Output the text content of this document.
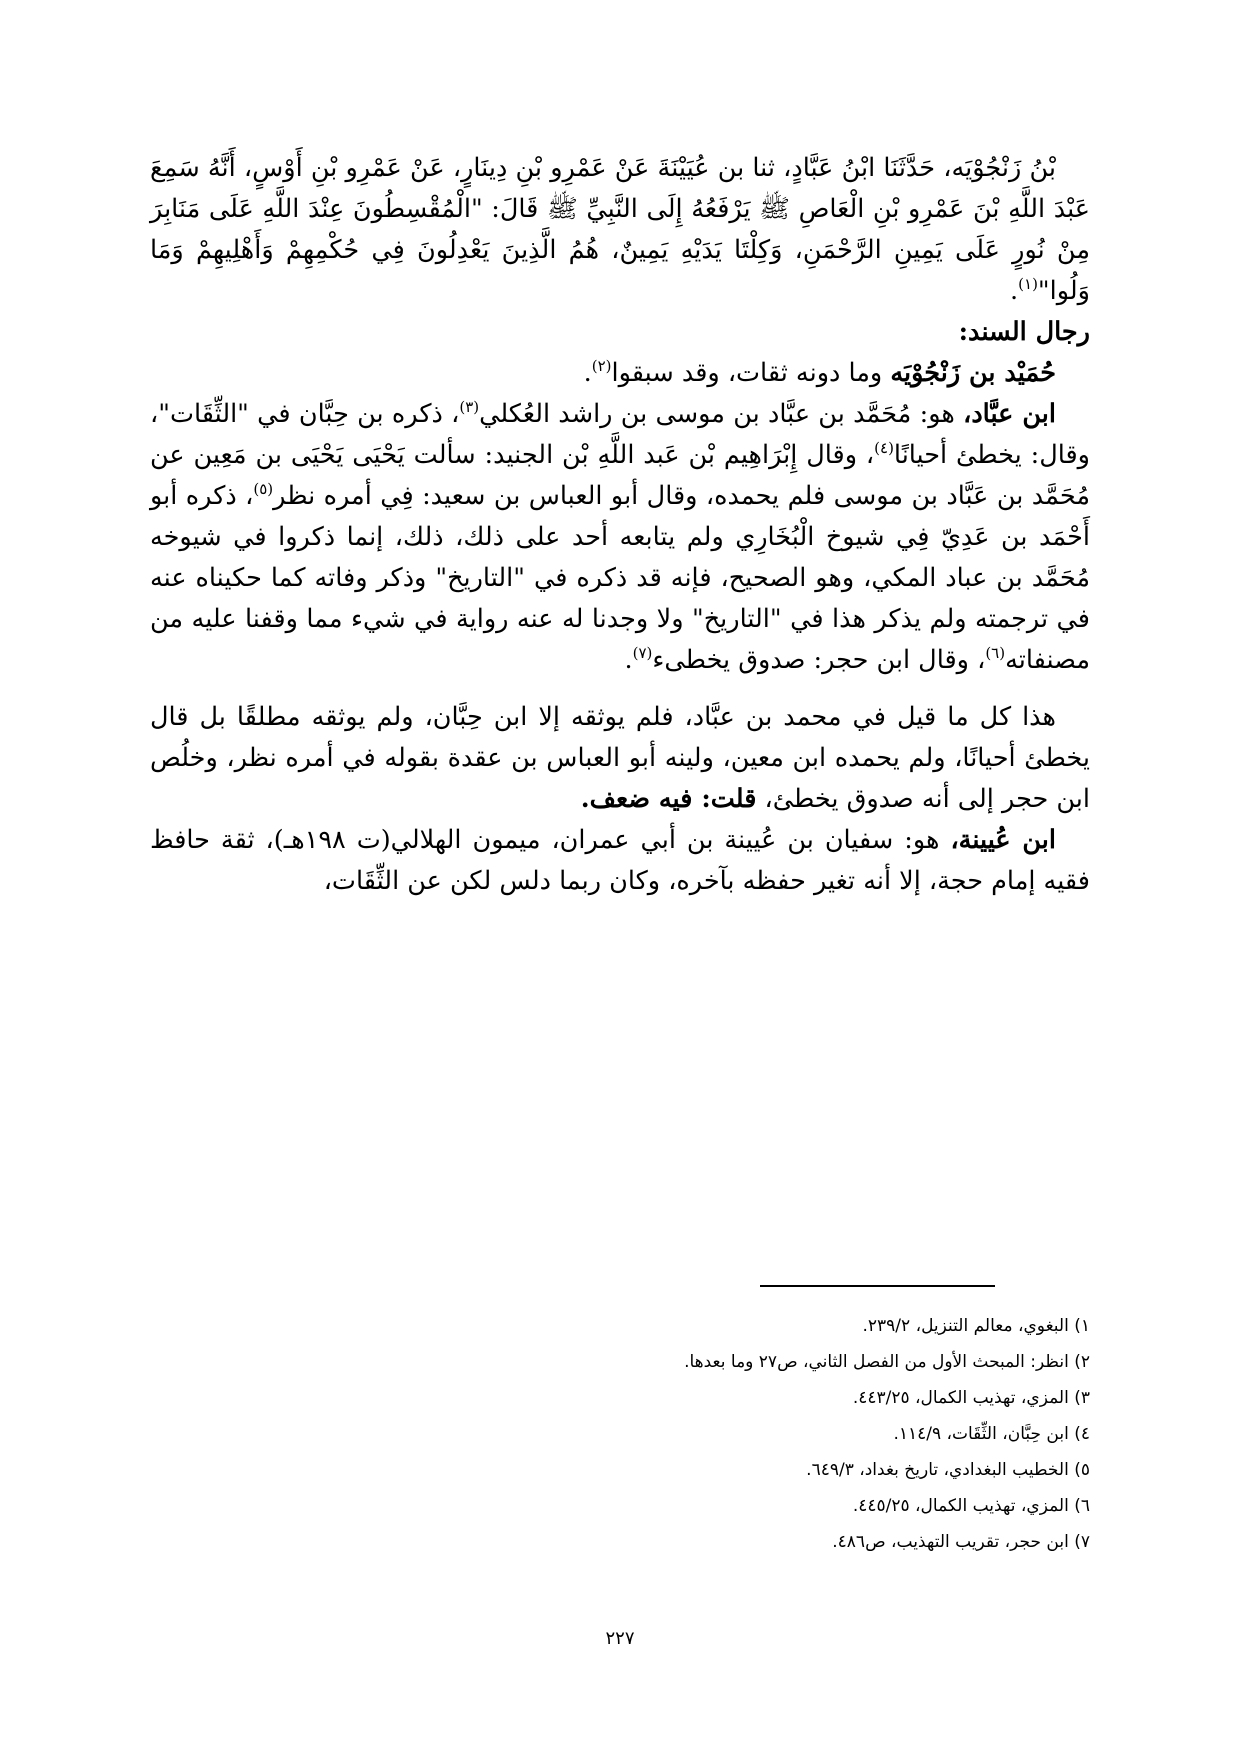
بْنُ زَنْجُوْيَه، حَدَّثَنَا ابْنُ عَبَّادٍ، ثنا بن عُيَيْنَةَ عَنْ عَمْرِو بْنِ دِينَارٍ، عَنْ عَمْرِو بْنِ أَوْسٍ، أَنَّهُ سَمِعَ عَبْدَ اللَّهِ بْنَ عَمْرِو بْنِ الْعَاصِ ﷺ يَرْفَعُهُ إِلَى النَّبِيِّ ﷺ قَالَ: "الْمُقْسِطُونَ عِنْدَ اللَّهِ عَلَى مَنَابِرَ مِنْ نُورٍ عَلَى يَمِينِ الرَّحْمَنِ، وَكِلْتَا يَدَيْهِ يَمِينٌ، هُمُ الَّذِينَ يَعْدِلُونَ فِي حُكْمِهِمْ وَأَهْلِيهِمْ وَمَا وَلُوا"$^{(١)}$.

رجال السند:

حُمَيْد بن زَنْجُوْيَه وما دونه ثقات، وقد سبقوا$^{(٢)}$.

ابن عبَّاد، هو: مُحَمَّد بن عبَّاد بن موسى بن راشد العُكلي$^{(٣)}$، ذكره بن حِبَّان في "الثِّقَات"، وقال: يخطئ أحيانًا$^{(٤)}$، وقال إِبْرَاهِيم بْن عَبد اللَّهِ بْن الجنيد: سألت يَحْيَى يَحْيَى بن مَعِين عن مُحَمَّد بن عَبَّاد بن موسى فلم يحمده، وقال أبو العباس بن سعيد: فِي أمره نظر$^{(٥)}$، ذكره أبو أَحْمَد بن عَدِيّ فِي شيوخ الْبُخَارِي ولم يتابعه أحد على ذلك، ذلك، إنما ذكروا في شيوخه مُحَمَّد بن عباد المكي، وهو الصحيح، فإنه قد ذكره في "التاريخ" وذكر وفاته كما حكيناه عنه في ترجمته ولم يذكر هذا في "التاريخ" ولا وجدنا له عنه رواية في شيء مما وقفنا عليه من مصنفاته$^{(٦)}$، وقال ابن حجر: صدوق يخطىء$^{(٧)}$.

هذا كل ما قيل في محمد بن عبَّاد، فلم يوثقه إلا ابن حِبَّان، ولم يوثقه مطلقًا بل قال يخطئ أحيانًا، ولم يحمده ابن معين، ولينه أبو العباس بن عقدة بقوله في أمره نظر، وخلُص ابن حجر إلى أنه صدوق يخطئ، قلت: فيه ضعف.

ابن عُيينة، هو: سفيان بن عُيينة بن أبي عمران، ميمون الهلالي(ت ١٩٨هـ)، ثقة حافظ فقيه إمام حجة، إلا أنه تغير حفظه بآخره، وكان ربما دلس لكن عن الثِّقَات،

١) البغوي، معالم التنزيل، ٢٣٩/٢.

٢) انظر: المبحث الأول من الفصل الثاني، ص٢٧ وما بعدها.

٣) المزي، تهذيب الكمال، ٤٤٣/٢٥.

٤) ابن حِبَّان، الثِّقَات، ١١٤/٩.

٥) الخطيب البغدادي، تاريخ بغداد، ٦٤٩/٣.

٦) المزي، تهذيب الكمال، ٤٤٥/٢٥.

٧) ابن حجر، تقريب التهذيب، ص٤٨٦.

٢٢٧
